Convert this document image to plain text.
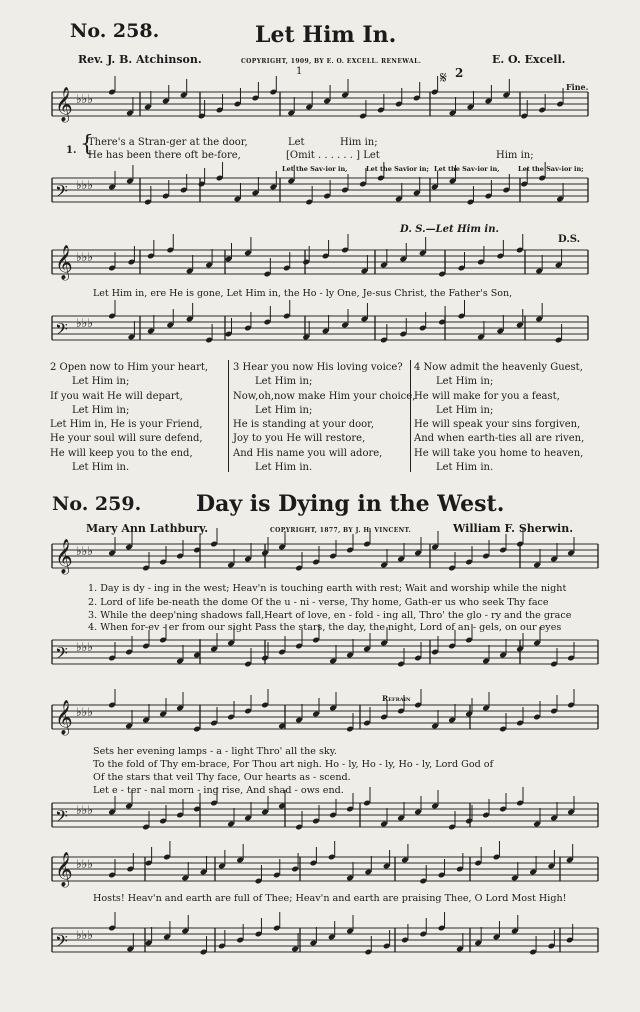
𝄞 ♭♭♭
𝄢 ♭♭♭
𝄞 ♭♭♭
𝄢 ♭♭♭
𝄞 ♭♭♭
𝄢 ♭♭♭
𝄞 ♭♭♭
𝄢 ♭♭♭
𝄞 ♭♭♭
𝄢 ♭♭♭
No. 258.	Let Him In.
Rev. J. B. Atchinson.	COPYRIGHT, 1909, BY E. O. EXCELL. RENEWAL.	E. O. Excell.
1	2
𝄋	Fine.
1. {
There's a Stran-ger at the door,	Let	Him in;
He has been there oft be-fore,	[Omit . . . . . . ] Let	Him in;
Let the Sav-ior in,	Let the Savior in; Let the Sav-ior in,	Let the Sav-ior in;
D. S.—Let Him in.
D.S.
Let Him in, ere He is gone, Let Him in, the Ho - ly One, Je-sus Christ, the Father's Son,
2 Open now to Him your heart,
Let Him in;
If you wait He will depart,
Let Him in;
Let Him in, He is your Friend,
He your soul will sure defend,
He will keep you to the end,
Let Him in.
3 Hear you now His loving voice?
Let Him in;
Now,oh,now make Him your choice,
Let Him in;
He is standing at your door,
Joy to you He will restore,
And His name you will adore,
Let Him in.
4 Now admit the heavenly Guest,
Let Him in;
He will make for you a feast,
Let Him in;
He will speak your sins forgiven,
And when earth-ties all are riven,
He will take you home to heaven,
Let Him in.
No. 259. Day is Dying in the West.
Mary Ann Lathbury.	COPYRIGHT, 1877, BY J. H. VINCENT.	William F. Sherwin.
1. Day is dy - ing in the west; Heav'n is touching earth with rest; Wait and worship while the night
2. Lord of life be-neath the dome Of the u - ni - verse, Thy home, Gath-er us who seek Thy face
3. While the deep'ning shadows fall,Heart of love, en - fold - ing all, Thro' the glo - ry and the grace
4. When for-ev - er from our sight Pass the stars, the day, the night, Lord of an - gels, on our eyes
Refrain
Sets her evening lamps - a - light Thro' all the sky.
To the fold of Thy em-brace, For Thou art nigh. Ho - ly, Ho - ly, Ho - ly, Lord God of
Of the stars that veil Thy face, Our hearts as - scend.
Let e - ter - nal morn - ing rise, And shad - ows end.
Hosts! Heav'n and earth are full of Thee; Heav'n and earth are praising Thee, O Lord Most High!
